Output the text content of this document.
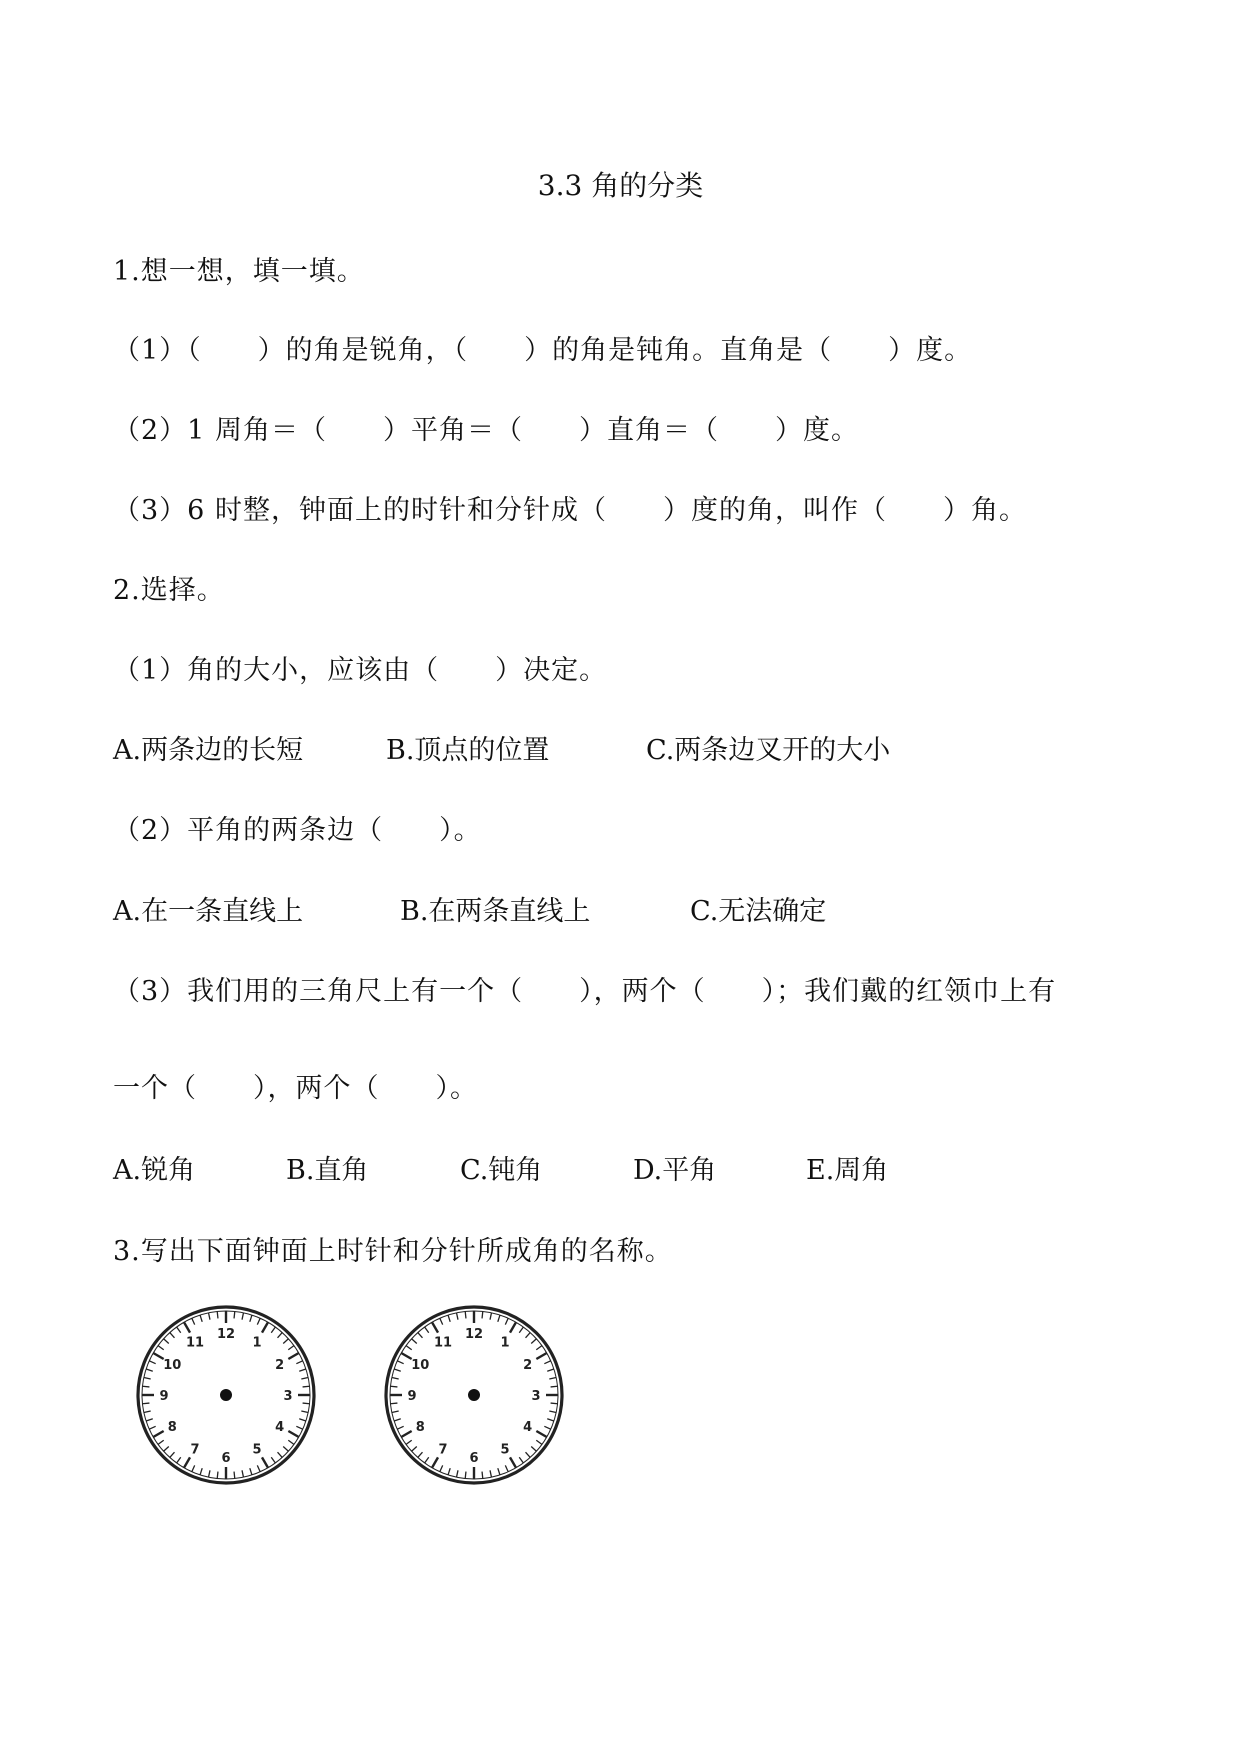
3.3 角的分类
1.想一想，填一填。
（1）（　　）的角是锐角，（　　）的角是钝角。直角是（　　）度。
（2）1 周角＝（　　）平角＝（　　）直角＝（　　）度。
（3）6 时整，钟面上的时针和分针成（　　）度的角，叫作（　　）角。
2.选择。
（1）角的大小，应该由（　　）决定。
A.两条边的长短	B.顶点的位置	C.两条边叉开的大小
（2）平角的两条边（　　）。
A.在一条直线上	B.在两条直线上	C.无法确定
（3）我们用的三角尺上有一个（　　），两个（　　）；我们戴的红领巾上有
一个（　　），两个（　　）。
A.锐角	B.直角	C.钝角	D.平角	E.周角
3.写出下面钟面上时针和分针所成角的名称。
12
1
2
3
4
5
6
7
8
9
10
11
12
1
2
3
4
5
6
7
8
9
10
11
